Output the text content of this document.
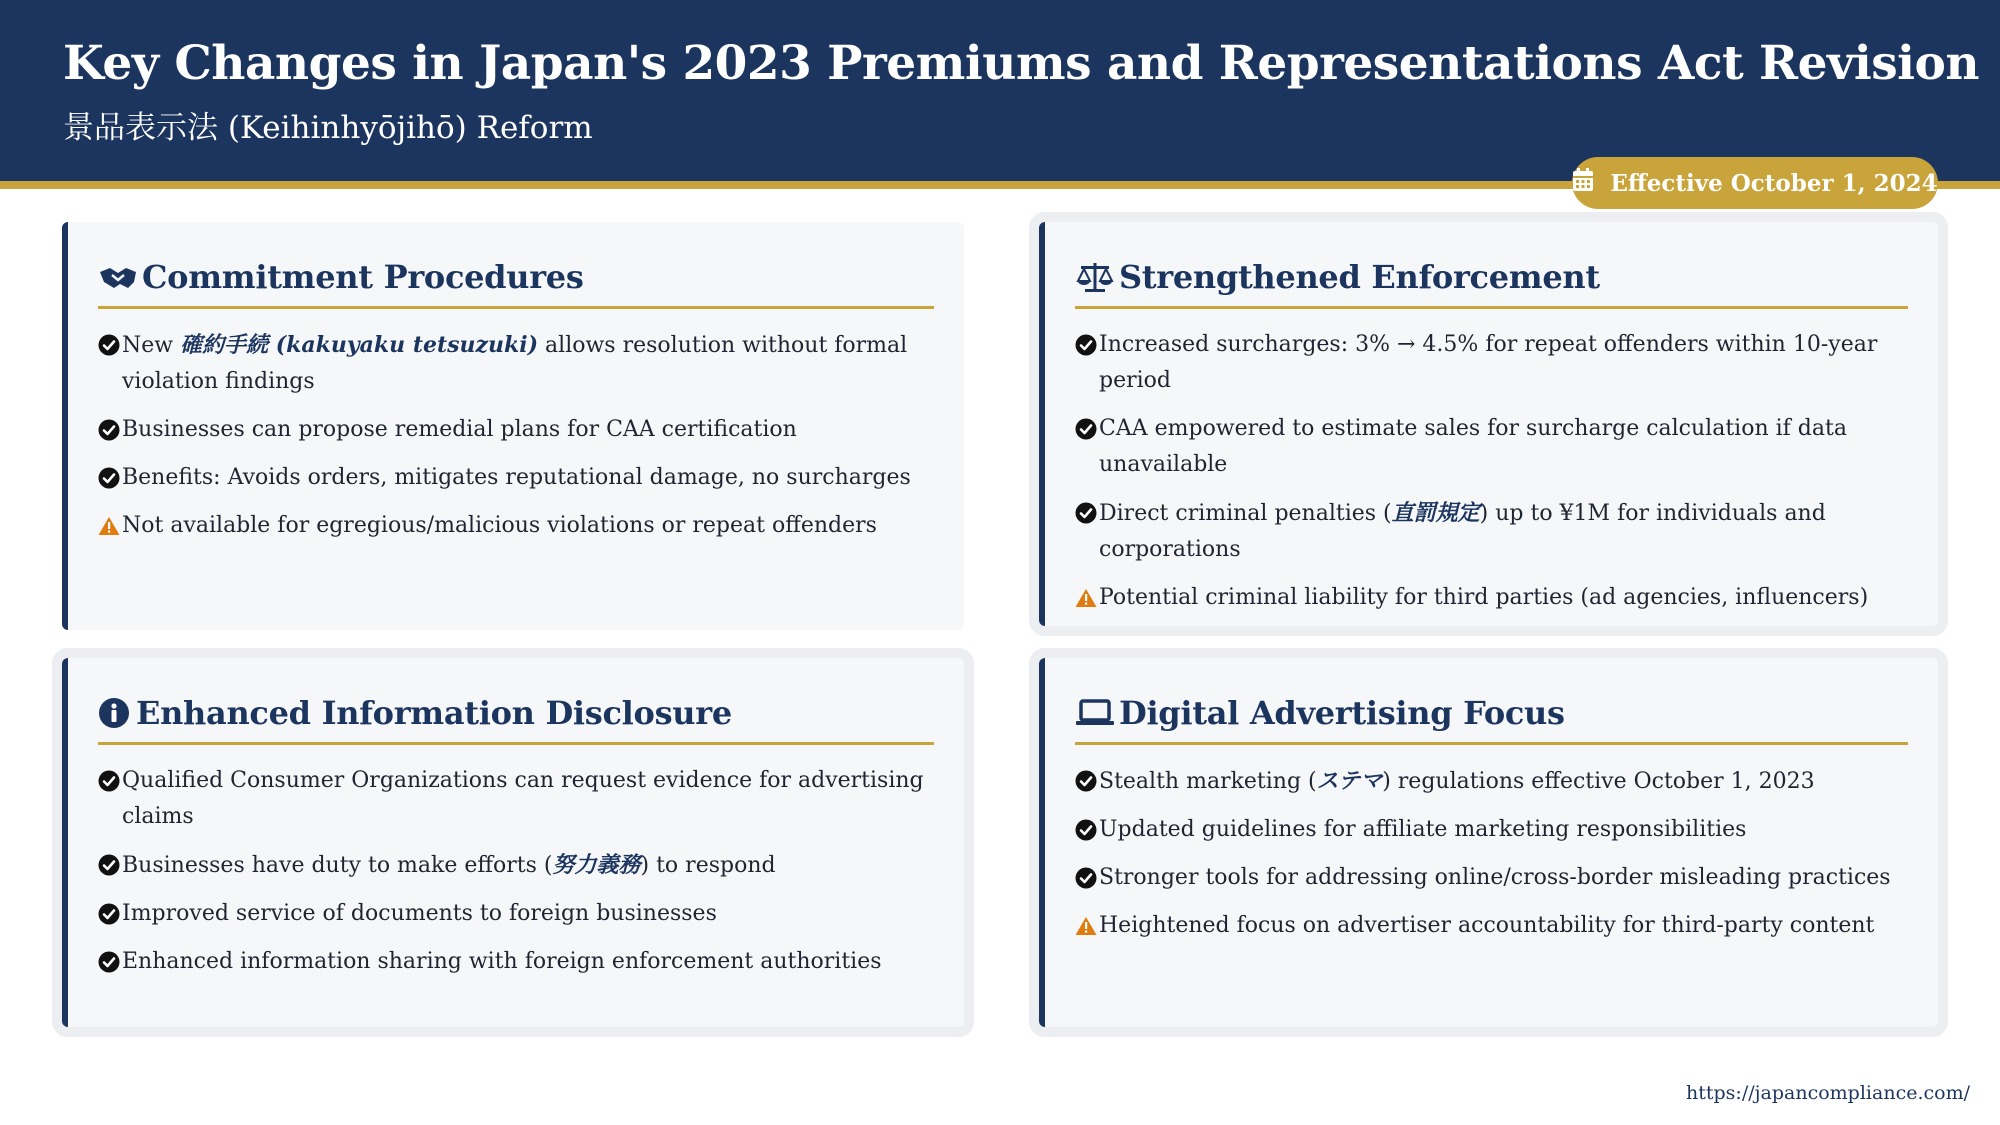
Key Changes in Japan's 2023 Premiums and Representations Act Revision

景品表示法 (Keihinhyōjihō) Reform

Effective October 1, 2024
Commitment Procedures
New 確約手続 (kakuyaku tetsuzuki) allows resolution without formal violation findings
Businesses can propose remedial plans for CAA certification
Benefits: Avoids orders, mitigates reputational damage, no surcharges
Not available for egregious/malicious violations or repeat offenders
Strengthened Enforcement
Increased surcharges: 3% → 4.5% for repeat offenders within 10-year period
CAA empowered to estimate sales for surcharge calculation if data unavailable
Direct criminal penalties (直罰規定) up to ¥1M for individuals and corporations
Potential criminal liability for third parties (ad agencies, influencers)
Enhanced Information Disclosure
Qualified Consumer Organizations can request evidence for advertising claims
Businesses have duty to make efforts (努力義務) to respond
Improved service of documents to foreign businesses
Enhanced information sharing with foreign enforcement authorities
Digital Advertising Focus
Stealth marketing (ステマ) regulations effective October 1, 2023
Updated guidelines for affiliate marketing responsibilities
Stronger tools for addressing online/cross-border misleading practices
Heightened focus on advertiser accountability for third-party content
https://japancompliance.com/
